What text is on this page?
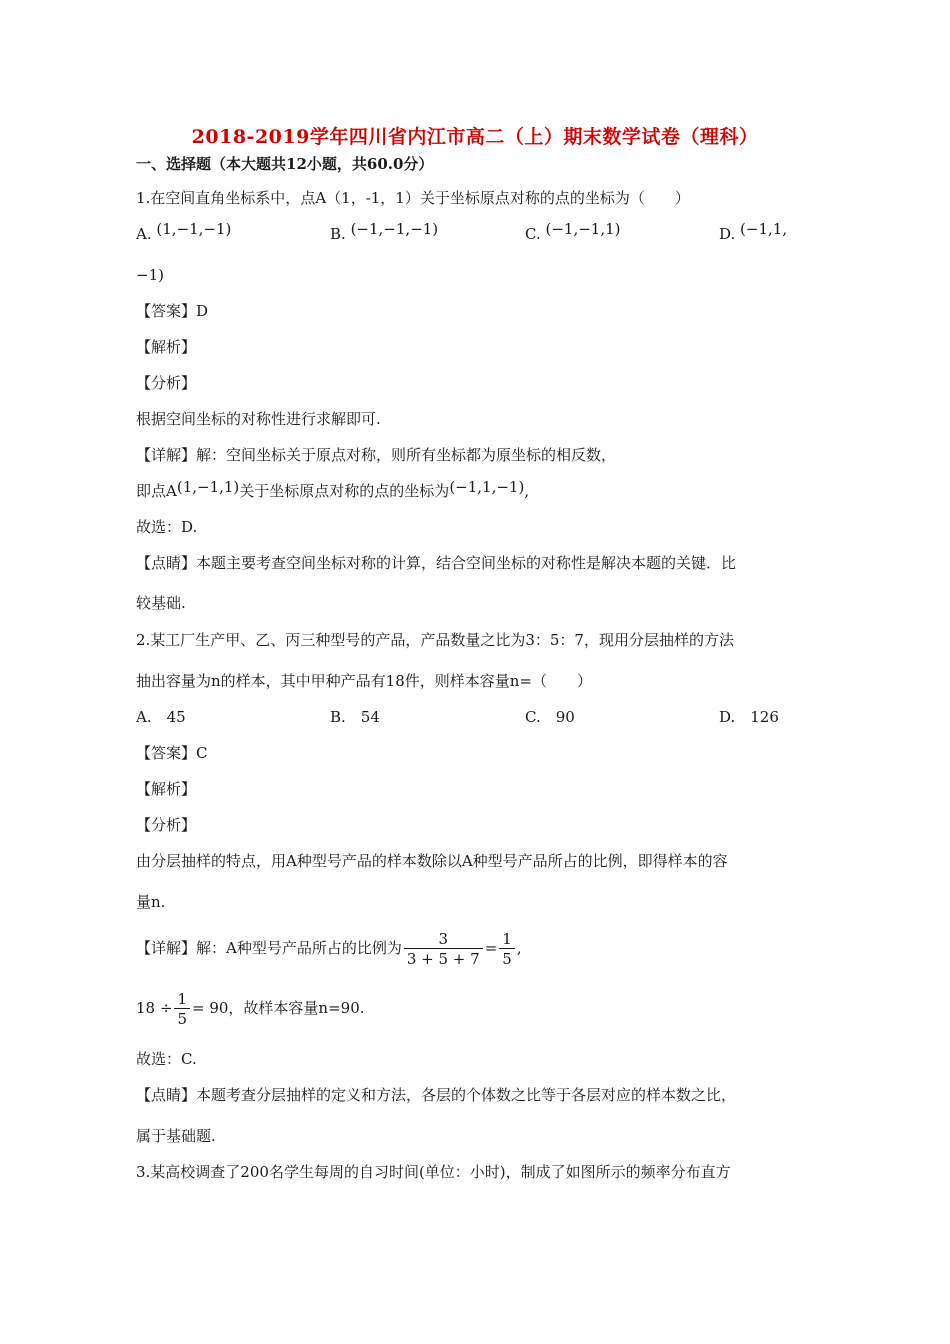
2018-2019学年四川省内江市高二（上）期末数学试卷（理科）
一、选择题（本大题共12小题，共60.0分）
1.在空间直角坐标系中，点A（1，-1，1）关于坐标原点对称的点的坐标为（　　）
A. (1,−1,−1)	B. (−1,−1,−1)	C. (−1,−1,1)	D. (−1,1,
−1)
【答案】D
【解析】
【分析】
根据空间坐标的对称性进行求解即可.
【详解】解：空间坐标关于原点对称，则所有坐标都为原坐标的相反数，
即点A(1,−1,1)关于坐标原点对称的点的坐标为(−1,1,−1),
故选：D.
【点睛】本题主要考查空间坐标对称的计算，结合空间坐标的对称性是解决本题的关键．比
较基础.
2.某工厂生产甲、乙、丙三种型号的产品，产品数量之比为3：5：7，现用分层抽样的方法
抽出容量为n的样本，其中甲种产品有18件，则样本容量n=（　　）
A.　45	B.　54	C.　90	D.　126
【答案】C
【解析】
【分析】
由分层抽样的特点，用A种型号产品的样本数除以A种型号产品所占的比例，即得样本的容
量n.
【详解】解：A种型号产品所占的比例为 $\frac{3}{3 + 5 + 7} = \frac{1}{5}$ ,
$18 \div \frac{1}{5} = 90$，故样本容量n=90.
故选：C.
【点睛】本题考查分层抽样的定义和方法，各层的个体数之比等于各层对应的样本数之比，
属于基础题.
3.某高校调查了200名学生每周的自习时间(单位：小时)，制成了如图所示的频率分布直方
